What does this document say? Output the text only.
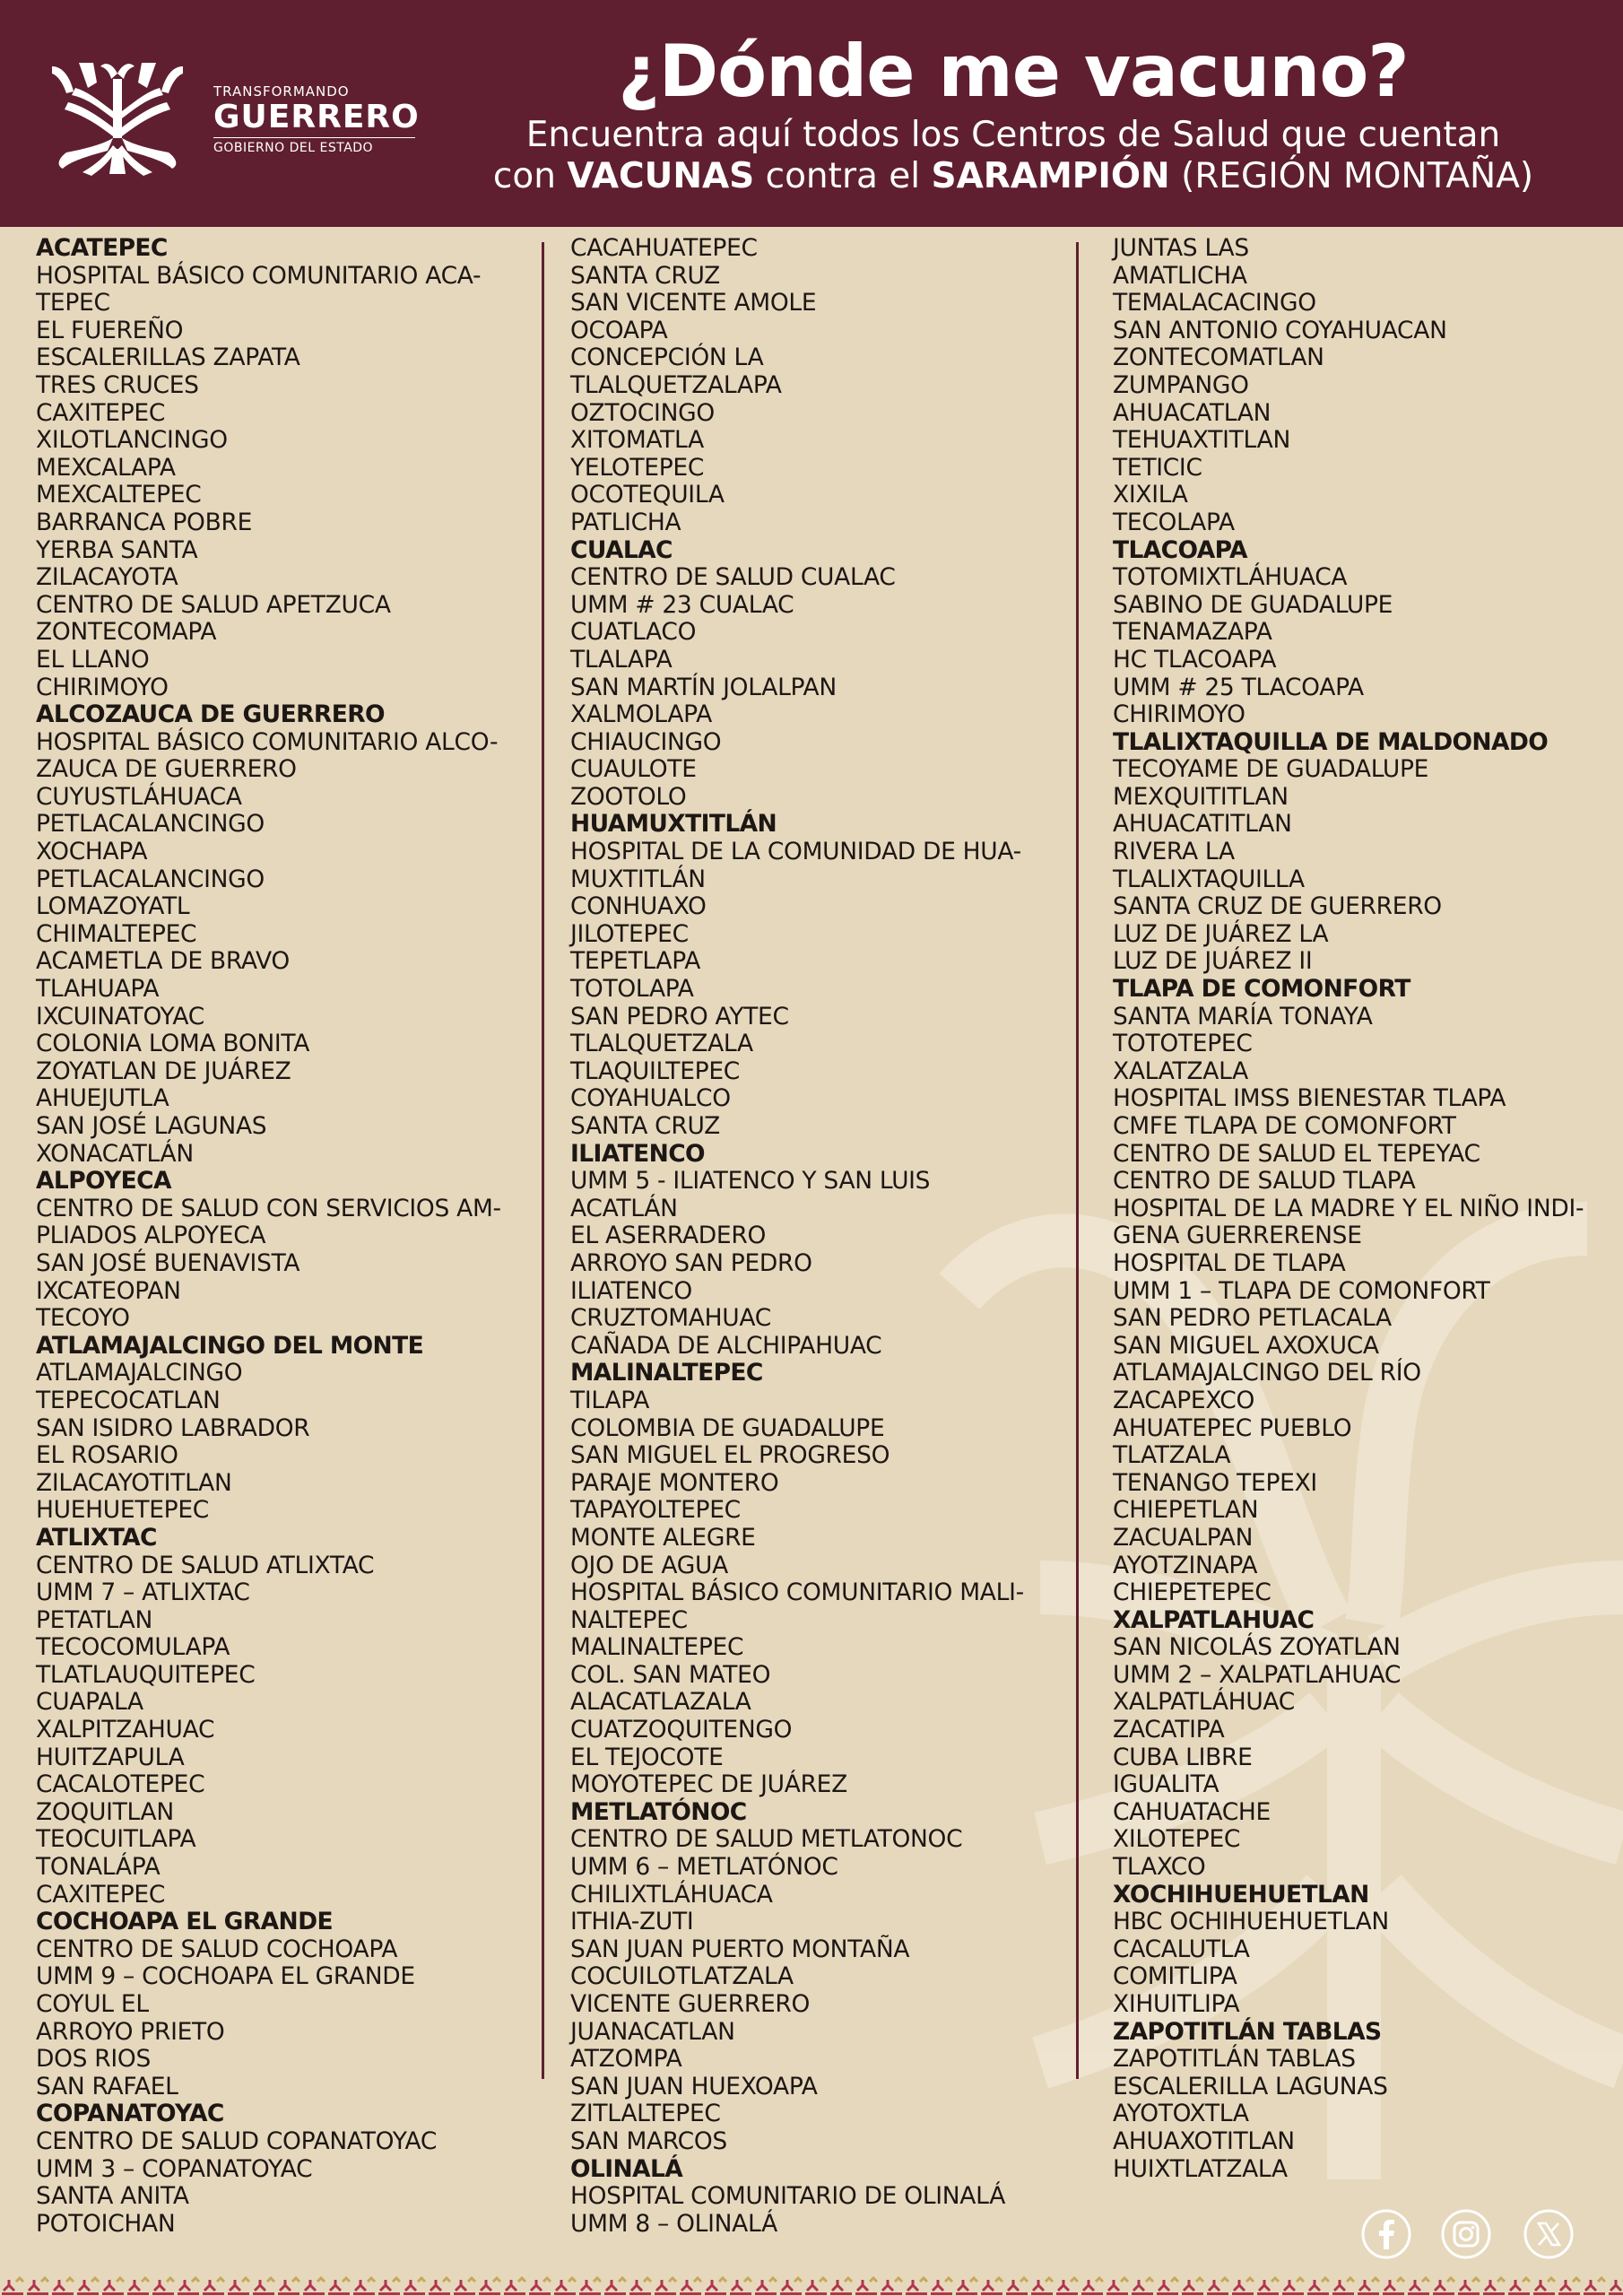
TRANSFORMANDO
GUERRERO
GOBIERNO DEL ESTADO
¿Dónde me vacuno?
Encuentra aquí todos los Centros de Salud que cuentan
con VACUNAS contra el SARAMPIÓN (REGIÓN MONTAÑA)
ACATEPEC
HOSPITAL BÁSICO COMUNITARIO ACA-
TEPEC
EL FUEREÑO
ESCALERILLAS ZAPATA
TRES CRUCES
CAXITEPEC
XILOTLANCINGO
MEXCALAPA
MEXCALTEPEC
BARRANCA POBRE
YERBA SANTA
ZILACAYOTA
CENTRO DE SALUD APETZUCA
ZONTECOMAPA
EL LLANO
CHIRIMOYO
ALCOZAUCA DE GUERRERO
HOSPITAL BÁSICO COMUNITARIO ALCO-
ZAUCA DE GUERRERO
CUYUSTLÁHUACA
PETLACALANCINGO
XOCHAPA
PETLACALANCINGO
LOMAZOYATL
CHIMALTEPEC
ACAMETLA DE BRAVO
TLAHUAPA
IXCUINATOYAC
COLONIA LOMA BONITA
ZOYATLAN DE JUÁREZ
AHUEJUTLA
SAN JOSÉ LAGUNAS
XONACATLÁN
ALPOYECA
CENTRO DE SALUD CON SERVICIOS AM-
PLIADOS ALPOYECA
SAN JOSÉ BUENAVISTA
IXCATEOPAN
TECOYO
ATLAMAJALCINGO DEL MONTE
ATLAMAJALCINGO
TEPECOCATLAN
SAN ISIDRO LABRADOR
EL ROSARIO
ZILACAYOTITLAN
HUEHUETEPEC
ATLIXTAC
CENTRO DE SALUD ATLIXTAC
UMM 7 – ATLIXTAC
PETATLAN
TECOCOMULAPA
TLATLAUQUITEPEC
CUAPALA
XALPITZAHUAC
HUITZAPULA
CACALOTEPEC
ZOQUITLAN
TEOCUITLAPA
TONALÁPA
CAXITEPEC
COCHOAPA EL GRANDE
CENTRO DE SALUD COCHOAPA
UMM 9 – COCHOAPA EL GRANDE
COYUL EL
ARROYO PRIETO
DOS RIOS
SAN RAFAEL
COPANATOYAC
CENTRO DE SALUD COPANATOYAC
UMM 3 – COPANATOYAC
SANTA ANITA
POTOICHAN
CACAHUATEPEC
SANTA CRUZ
SAN VICENTE AMOLE
OCOAPA
CONCEPCIÓN LA
TLALQUETZALAPA
OZTOCINGO
XITOMATLA
YELOTEPEC
OCOTEQUILA
PATLICHA
CUALAC
CENTRO DE SALUD CUALAC
UMM # 23 CUALAC
CUATLACO
TLALAPA
SAN MARTÍN JOLALPAN
XALMOLAPA
CHIAUCINGO
CUAULOTE
ZOOTOLO
HUAMUXTITLÁN
HOSPITAL DE LA COMUNIDAD DE HUA-
MUXTITLÁN
CONHUAXO
JILOTEPEC
TEPETLAPA
TOTOLAPA
SAN PEDRO AYTEC
TLALQUETZALA
TLAQUILTEPEC
COYAHUALCO
SANTA CRUZ
ILIATENCO
UMM 5 - ILIATENCO Y SAN LUIS
ACATLÁN
EL ASERRADERO
ARROYO SAN PEDRO
ILIATENCO
CRUZTOMAHUAC
CAÑADA DE ALCHIPAHUAC
MALINALTEPEC
TILAPA
COLOMBIA DE GUADALUPE
SAN MIGUEL EL PROGRESO
PARAJE MONTERO
TAPAYOLTEPEC
MONTE ALEGRE
OJO DE AGUA
HOSPITAL BÁSICO COMUNITARIO MALI-
NALTEPEC
MALINALTEPEC
COL. SAN MATEO
ALACATLAZALA
CUATZOQUITENGO
EL TEJOCOTE
MOYOTEPEC DE JUÁREZ
METLATÓNOC
CENTRO DE SALUD METLATONOC
UMM 6 – METLATÓNOC
CHILIXTLÁHUACA
ITHIA-ZUTI
SAN JUAN PUERTO MONTAÑA
COCUILOTLATZALA
VICENTE GUERRERO
JUANACATLAN
ATZOMPA
SAN JUAN HUEXOAPA
ZITLALTEPEC
SAN MARCOS
OLINALÁ
HOSPITAL COMUNITARIO DE OLINALÁ
UMM 8 – OLINALÁ
JUNTAS LAS
AMATLICHA
TEMALACACINGO
SAN ANTONIO COYAHUACAN
ZONTECOMATLAN
ZUMPANGO
AHUACATLAN
TEHUAXTITLAN
TETICIC
XIXILA
TECOLAPA
TLACOAPA
TOTOMIXTLÁHUACA
SABINO DE GUADALUPE
TENAMAZAPA
HC TLACOAPA
UMM # 25 TLACOAPA
CHIRIMOYO
TLALIXTAQUILLA DE MALDONADO
TECOYAME DE GUADALUPE
MEXQUITITLAN
AHUACATITLAN
RIVERA LA
TLALIXTAQUILLA
SANTA CRUZ DE GUERRERO
LUZ DE JUÁREZ LA
LUZ DE JUÁREZ II
TLAPA DE COMONFORT
SANTA MARÍA TONAYA
TOTOTEPEC
XALATZALA
HOSPITAL IMSS BIENESTAR TLAPA
CMFE TLAPA DE COMONFORT
CENTRO DE SALUD EL TEPEYAC
CENTRO DE SALUD TLAPA
HOSPITAL DE LA MADRE Y EL NIÑO INDI-
GENA GUERRERENSE
HOSPITAL DE TLAPA
UMM 1 – TLAPA DE COMONFORT
SAN PEDRO PETLACALA
SAN MIGUEL AXOXUCA
ATLAMAJALCINGO DEL RÍO
ZACAPEXCO
AHUATEPEC PUEBLO
TLATZALA
TENANGO TEPEXI
CHIEPETLAN
ZACUALPAN
AYOTZINAPA
CHIEPETEPEC
XALPATLAHUAC
SAN NICOLÁS ZOYATLAN
UMM 2 – XALPATLAHUAC
XALPATLÁHUAC
ZACATIPA
CUBA LIBRE
IGUALITA
CAHUATACHE
XILOTEPEC
TLAXCO
XOCHIHUEHUETLAN
HBC OCHIHUEHUETLAN
CACALUTLA
COMITLIPA
XIHUITLIPA
ZAPOTITLÁN TABLAS
ZAPOTITLÁN TABLAS
ESCALERILLA LAGUNAS
AYOTOXTLA
AHUAXOTITLAN
HUIXTLATZALA
